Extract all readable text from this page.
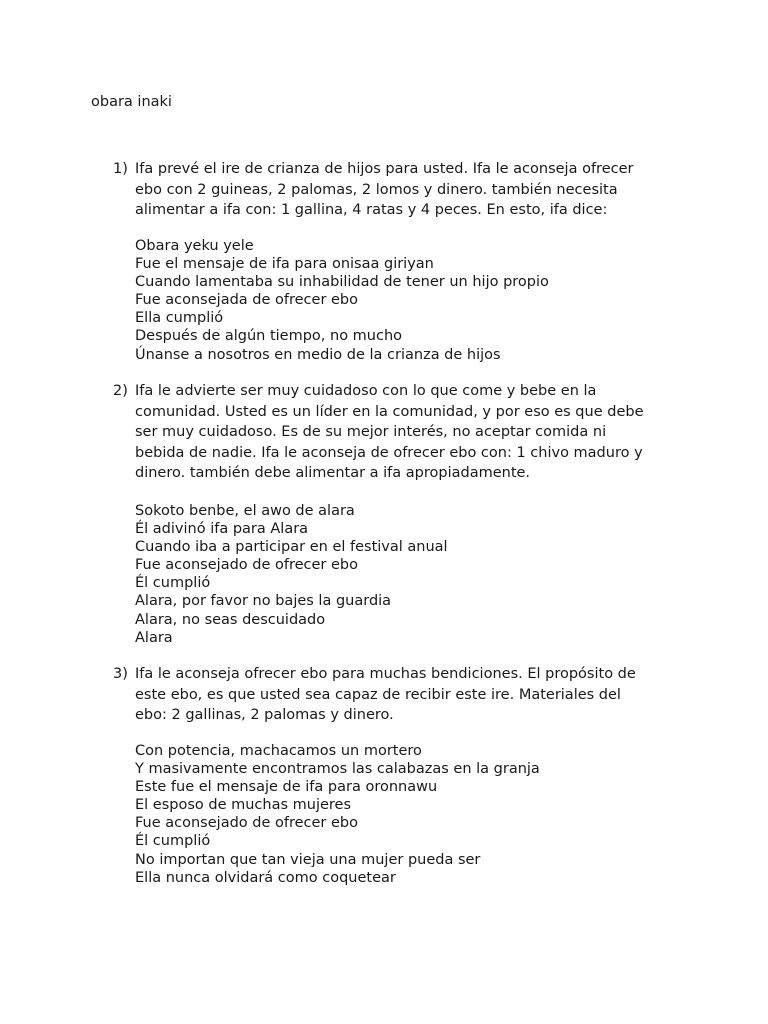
obara inaki
1) Ifa prevé el ire de crianza de hijos para usted. Ifa le aconseja ofrecer
ebo con 2 guineas, 2 palomas, 2 lomos y dinero. también necesita
alimentar a ifa con: 1 gallina, 4 ratas y 4 peces. En esto, ifa dice:

Obara yeku yele
Fue el mensaje de ifa para onisaa giriyan
Cuando lamentaba su inhabilidad de tener un hijo propio
Fue aconsejada de ofrecer ebo
Ella cumplió
Después de algún tiempo, no mucho
Únanse a nosotros en medio de la crianza de hijos
2) Ifa le advierte ser muy cuidadoso con lo que come y bebe en la
comunidad. Usted es un líder en la comunidad, y por eso es que debe
ser muy cuidadoso. Es de su mejor interés, no aceptar comida ni
bebida de nadie. Ifa le aconseja de ofrecer ebo con: 1 chivo maduro y
dinero. también debe alimentar a ifa apropiadamente.

Sokoto benbe, el awo de alara
Él adivinó ifa para Alara
Cuando iba a participar en el festival anual
Fue aconsejado de ofrecer ebo
Él cumplió
Alara, por favor no bajes la guardia
Alara, no seas descuidado
Alara
3) Ifa le aconseja ofrecer ebo para muchas bendiciones. El propósito de
este ebo, es que usted sea capaz de recibir este ire. Materiales del
ebo: 2 gallinas, 2 palomas y dinero.

Con potencia, machacamos un mortero
Y masivamente encontramos las calabazas en la granja
Este fue el mensaje de ifa para oronnawu
El esposo de muchas mujeres
Fue aconsejado de ofrecer ebo
Él cumplió
No importan que tan vieja una mujer pueda ser
Ella nunca olvidará como coquetear
